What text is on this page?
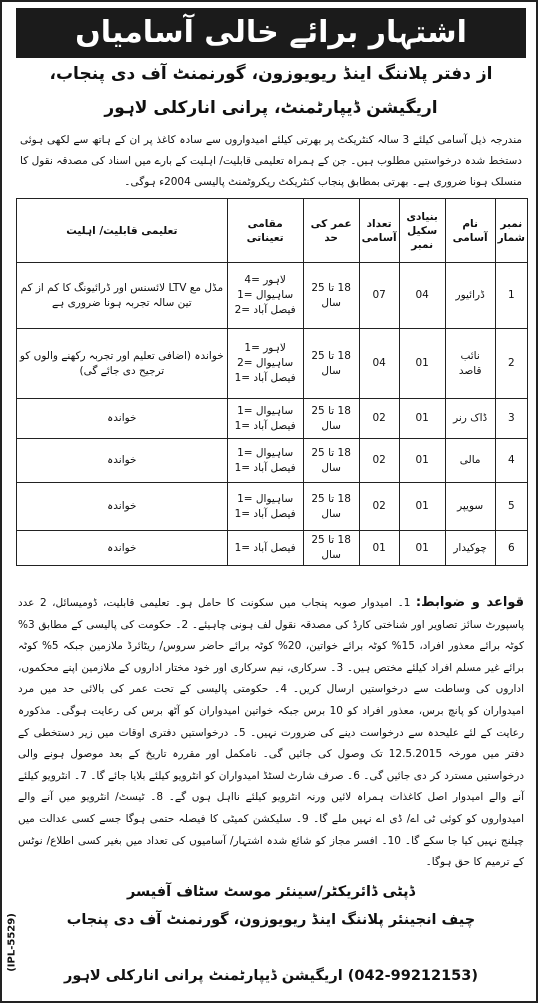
اشتہار برائے خالی آسامیاں
از دفتر پلاننگ اینڈ ریویوزون، گورنمنٹ آف دی پنجاب،
اریگیشن ڈیپارٹمنٹ، پرانی انارکلی لاہور
مندرجہ ذیل آسامی کیلئے 3 سالہ کنٹریکٹ پر بھرتی کیلئے امیدواروں سے سادہ کاغذ پر ان کے ہاتھ سے لکھی ہوئی دستخط شدہ درخواستیں مطلوب ہیں۔ جن کے ہمراہ تعلیمی قابلیت/ اہلیت کے بارے میں اسناد کی مصدقہ نقول کا منسلک ہونا ضروری ہے۔ بھرتی بمطابق پنجاب کنٹریکٹ ریکروٹمنٹ پالیسی 2004ء ہوگی۔
نمبر شمار	نام آسامی	بنیادی سکیل نمبر	تعداد آسامی	عمر کی حد	مقامی تعیناتی	تعلیمی قابلیت/ اہلیت
1	ڈرائیور	04	07	18 تا 25 سال	لاہور =4
ساہیوال =1
فیصل آباد =2	مڈل مع LTV لائسنس اور ڈرائیونگ کا کم از کم تین سالہ تجربہ ہونا ضروری ہے
2	نائب قاصد	01	04	18 تا 25 سال	لاہور =1
ساہیوال =2
فیصل آباد =1	خواندہ (اضافی تعلیم اور تجربہ رکھنے والوں کو ترجیح دی جائے گی)
3	ڈاک رنر	01	02	18 تا 25 سال	ساہیوال =1
فیصل آباد =1	خواندہ
4	مالی	01	02	18 تا 25 سال	ساہیوال =1
فیصل آباد =1	خواندہ
5	سویپر	01	02	18 تا 25 سال	ساہیوال =1
فیصل آباد =1	خواندہ
6	چوکیدار	01	01	18 تا 25 سال	فیصل آباد =1	خواندہ
قواعد و ضوابط: 1۔ امیدوار صوبہ پنجاب میں سکونت کا حامل ہو۔ تعلیمی قابلیت، ڈومیسائل، 2 عدد پاسپورٹ سائز تصاویر اور شناختی کارڈ کی مصدقہ نقول لف ہونی چاہیئے۔ 2۔ حکومت کی پالیسی کے مطابق 3% کوٹہ برائے معذور افراد، 15% کوٹہ برائے خواتین، 20% کوٹہ برائے حاضر سروس/ ریٹائرڈ ملازمین جبکہ 5% کوٹہ برائے غیر مسلم افراد کیلئے مختص ہیں۔ 3۔ سرکاری، نیم سرکاری اور خود مختار اداروں کے ملازمین اپنے محکموں، اداروں کی وساطت سے درخواستیں ارسال کریں۔ 4۔ حکومتی پالیسی کے تحت عمر کی بالائی حد میں مرد امیدواران کو پانچ برس، معذور افراد کو 10 برس جبکہ خواتین امیدواران کو آٹھ برس کی رعایت ہوگی۔ مذکورہ رعایت کے لئے علیحدہ سے درخواست دینے کی ضرورت نہیں۔ 5۔ درخواستیں دفتری اوقات میں زیر دستخطی کے دفتر میں مورخہ 12.5.2015 تک وصول کی جائیں گی۔ نامکمل اور مقررہ تاریخ کے بعد موصول ہونے والی درخواستیں مسترد کر دی جائیں گی۔ 6۔ صرف شارٹ لسٹڈ امیدواران کو انٹرویو کیلئے بلایا جائے گا۔ 7۔ انٹرویو کیلئے آنے والے امیدوار اصل کاغذات ہمراہ لائیں ورنہ انٹرویو کیلئے نااہل ہوں گے۔ 8۔ ٹیسٹ/ انٹرویو میں آنے والے امیدواروں کو کوئی ٹی اے/ ڈی اے نہیں ملے گا۔ 9۔ سلیکشن کمیٹی کا فیصلہ حتمی ہوگا جسے کسی عدالت میں چیلنج نہیں کیا جا سکے گا۔ 10۔ افسر مجاز کو شائع شدہ اشتہار/ آسامیوں کی تعداد میں بغیر کسی اطلاع/ نوٹس کے ترمیم کا حق ہوگا۔
ڈپٹی ڈائریکٹر/سینئر موسٹ سٹاف آفیسر
چیف انجینئر پلاننگ اینڈ ریویوزون، گورنمنٹ آف دی پنجاب
(042-99212153) اریگیشن ڈیپارٹمنٹ پرانی انارکلی لاہور
(IPL-5529)
